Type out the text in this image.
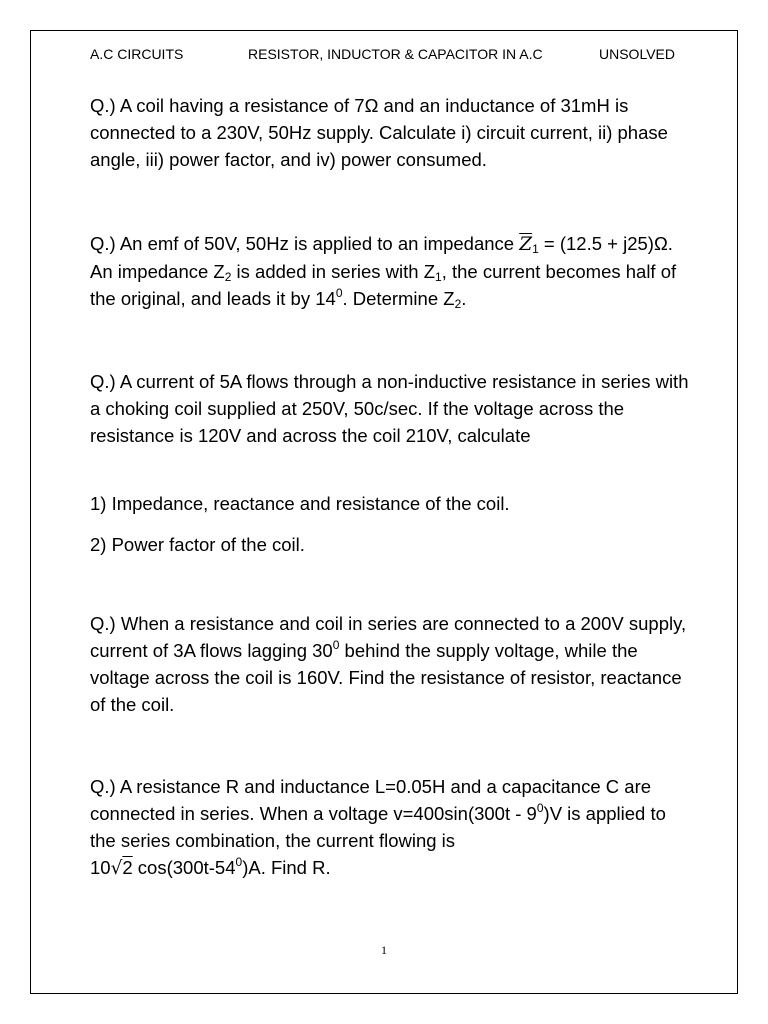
A.C CIRCUITS	RESISTOR, INDUCTOR & CAPACITOR IN A.C	UNSOLVED

Q.) A coil having a resistance of 7Ω and an inductance of 31mH is connected to a 230V, 50Hz supply. Calculate i) circuit current, ii) phase angle, iii) power factor, and iv) power consumed.

Q.) An emf of 50V, 50Hz is applied to an impedance $\overline{Z}_1 = (12.5 + j25)\Omega$. An impedance $Z_2$ is added in series with $Z_1$, the current becomes half of the original, and leads it by $14^0$. Determine $Z_2$.

Q.) A current of 5A flows through a non-inductive resistance in series with a choking coil supplied at 250V, 50c/sec. If the voltage across the resistance is 120V and across the coil 210V, calculate

1) Impedance, reactance and resistance of the coil.

2) Power factor of the coil.

Q.) When a resistance and coil in series are connected to a 200V supply, current of 3A flows lagging $30^0$ behind the supply voltage, while the voltage across the coil is 160V. Find the resistance of resistor, reactance of the coil.

Q.) A resistance R and inductance L=0.05H and a capacitance C are connected in series. When a voltage $v=400\sin(300t - 9^0)V$ is applied to the series combination, the current flowing is
10√2 $\cos(300t-54^0)A$. Find R.

1
